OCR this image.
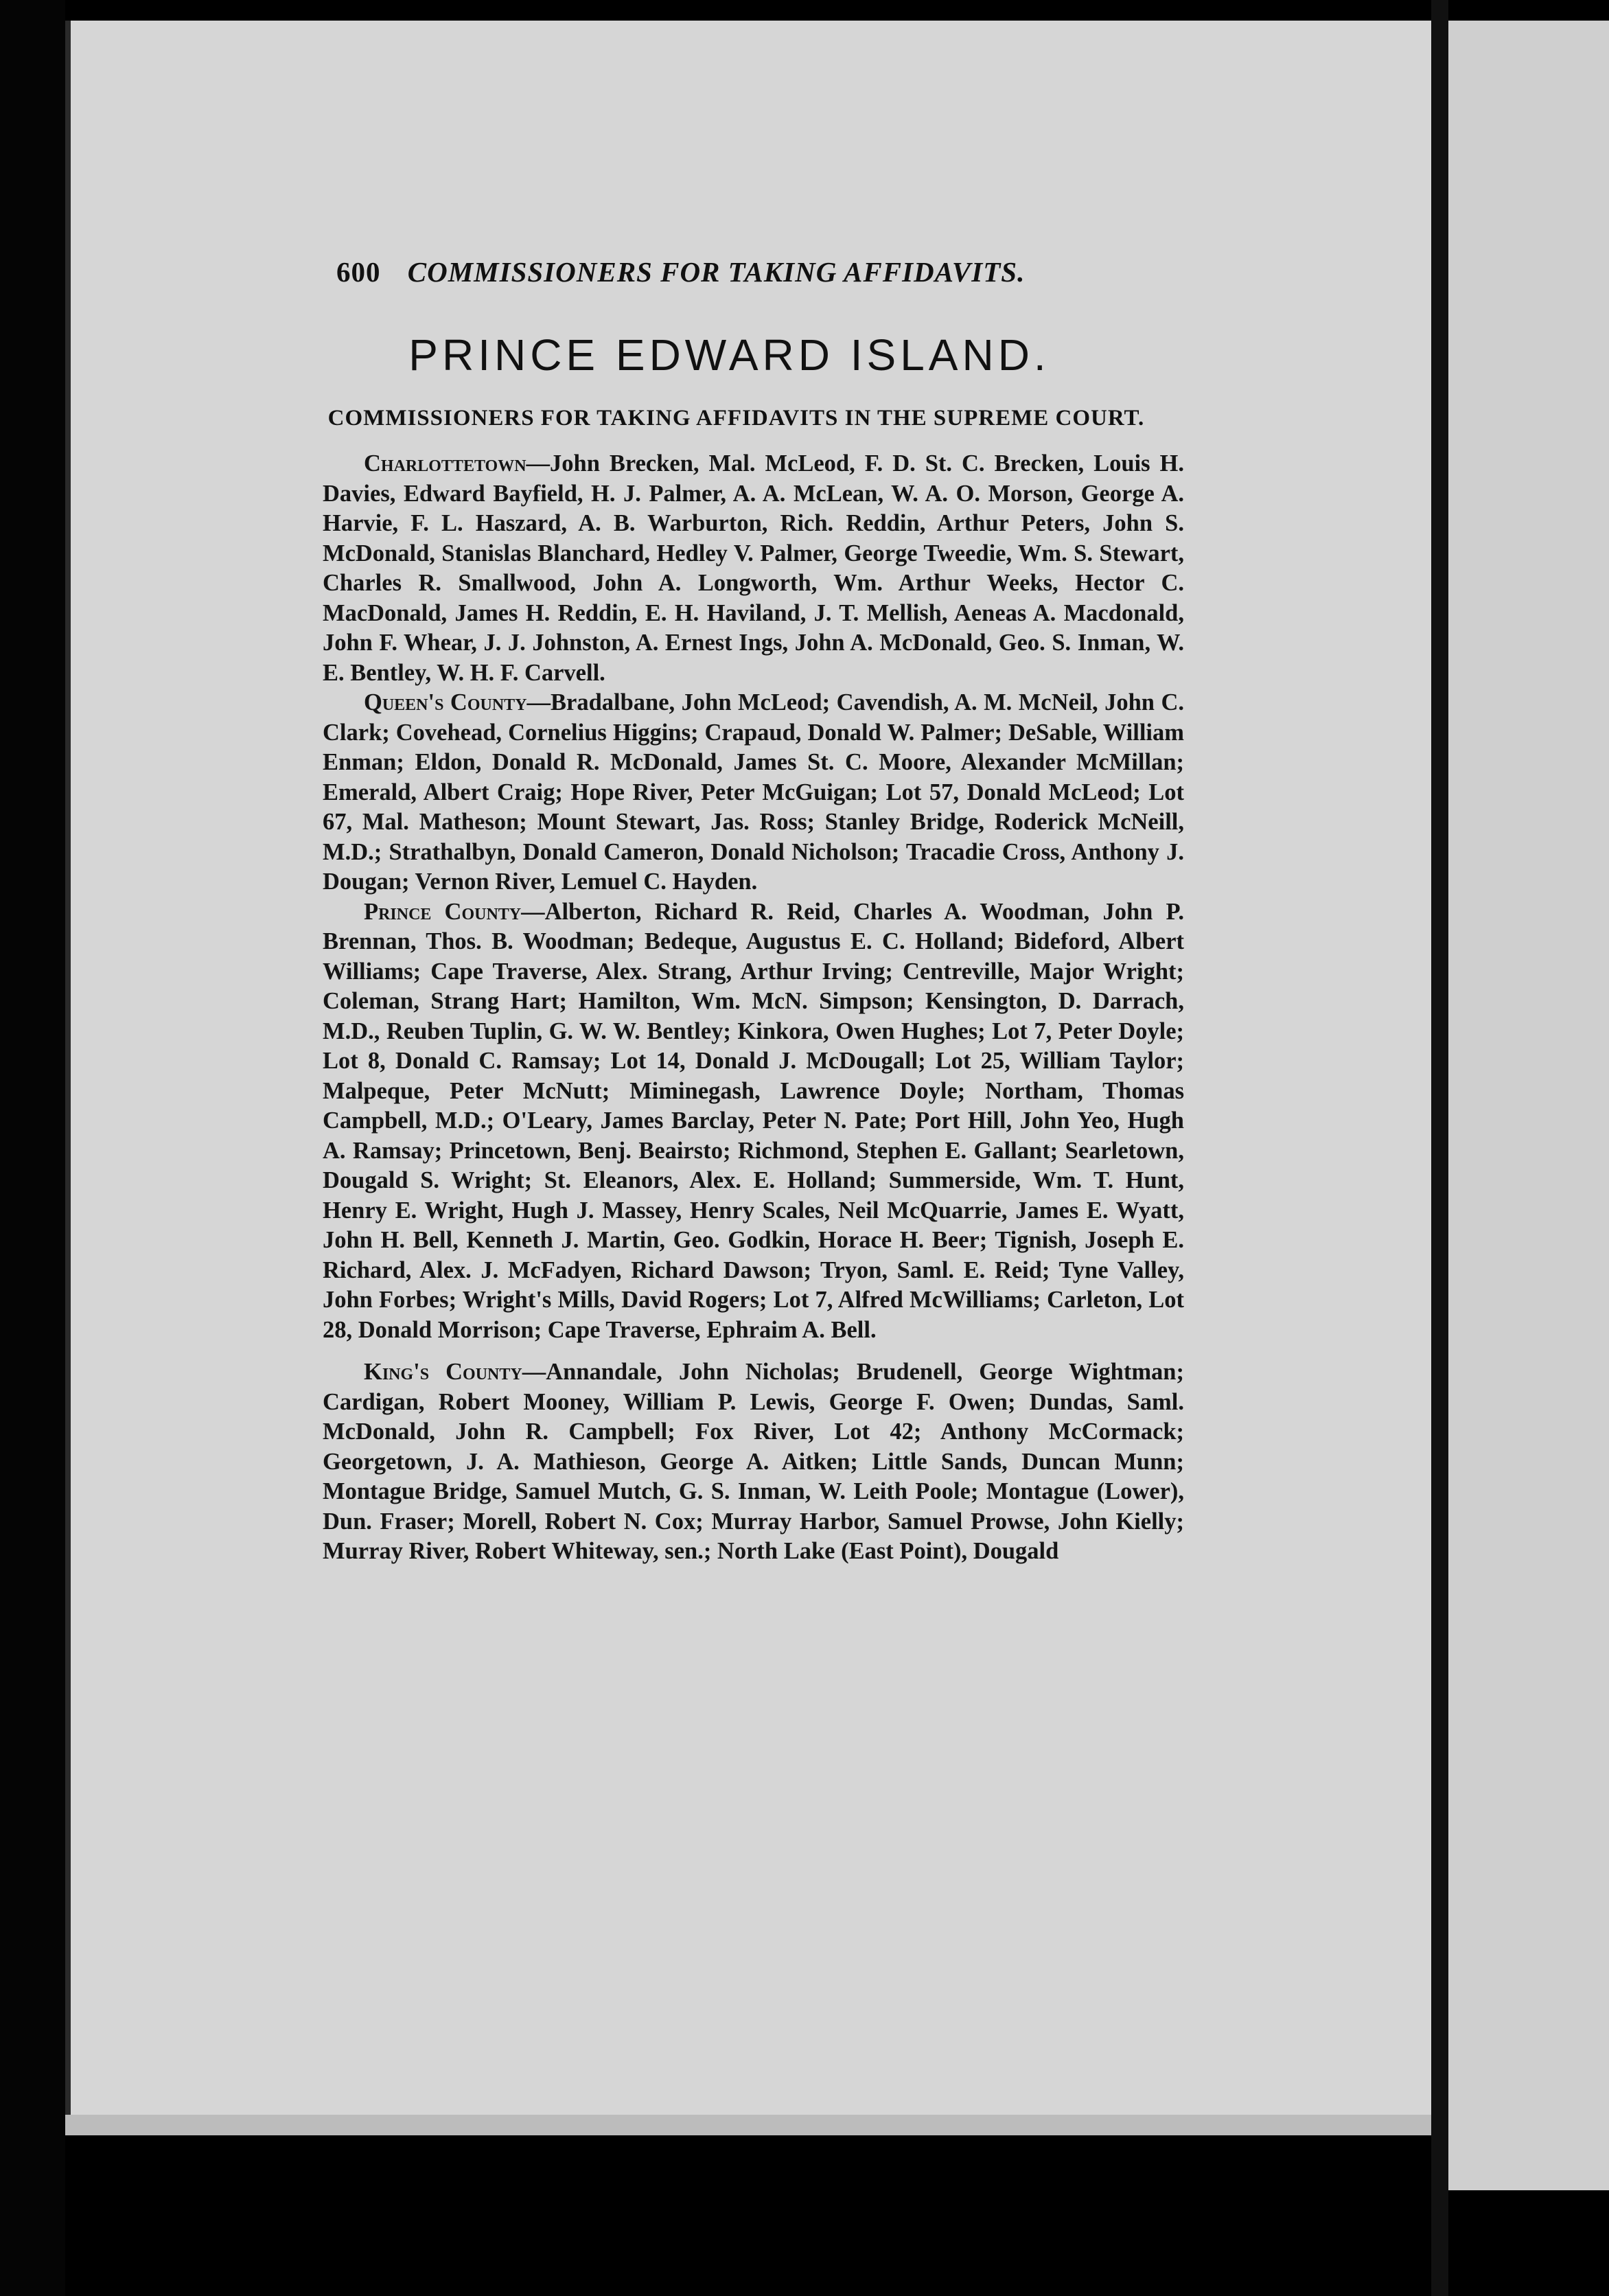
600 COMMISSIONERS FOR TAKING AFFIDAVITS.
PRINCE EDWARD ISLAND.
COMMISSIONERS FOR TAKING AFFIDAVITS IN THE SUPREME COURT.

Charlottetown—John Brecken, Mal. McLeod, F. D. St. C. Brecken, Louis H. Davies, Edward Bayfield, H. J. Palmer, A. A. McLean, W. A. O. Morson, George A. Harvie, F. L. Haszard, A. B. Warburton, Rich. Reddin, Arthur Peters, John S. McDonald, Stanislas Blanchard, Hedley V. Palmer, George Tweedie, Wm. S. Stewart, Charles R. Smallwood, John A. Longworth, Wm. Arthur Weeks, Hector C. MacDonald, James H. Reddin, E. H. Haviland, J. T. Mellish, Aeneas A. Macdonald, John F. Whear, J. J. Johnston, A. Ernest Ings, John A. McDonald, Geo. S. Inman, W. E. Bentley, W. H. F. Carvell.

Queen's County—Bradalbane, John McLeod; Cavendish, A. M. McNeil, John C. Clark; Covehead, Cornelius Higgins; Crapaud, Donald W. Palmer; DeSable, William Enman; Eldon, Donald R. McDonald, James St. C. Moore, Alexander McMillan; Emerald, Albert Craig; Hope River, Peter McGuigan; Lot 57, Donald McLeod; Lot 67, Mal. Matheson; Mount Stewart, Jas. Ross; Stanley Bridge, Roderick McNeill, M.D.; Strathalbyn, Donald Cameron, Donald Nicholson; Tracadie Cross, Anthony J. Dougan; Vernon River, Lemuel C. Hayden.

Prince County—Alberton, Richard R. Reid, Charles A. Woodman, John P. Brennan, Thos. B. Woodman; Bedeque, Augustus E. C. Holland; Bideford, Albert Williams; Cape Traverse, Alex. Strang, Arthur Irving; Centreville, Major Wright; Coleman, Strang Hart; Hamilton, Wm. McN. Simpson; Kensington, D. Darrach, M.D., Reuben Tuplin, G. W. W. Bentley; Kinkora, Owen Hughes; Lot 7, Peter Doyle; Lot 8, Donald C. Ramsay; Lot 14, Donald J. McDougall; Lot 25, William Taylor; Malpeque, Peter McNutt; Miminegash, Lawrence Doyle; Northam, Thomas Campbell, M.D.; O'Leary, James Barclay, Peter N. Pate; Port Hill, John Yeo, Hugh A. Ramsay; Princetown, Benj. Beairsto; Richmond, Stephen E. Gallant; Searletown, Dougald S. Wright; St. Eleanors, Alex. E. Holland; Summerside, Wm. T. Hunt, Henry E. Wright, Hugh J. Massey, Henry Scales, Neil McQuarrie, James E. Wyatt, John H. Bell, Kenneth J. Martin, Geo. Godkin, Horace H. Beer; Tignish, Joseph E. Richard, Alex. J. McFadyen, Richard Dawson; Tryon, Saml. E. Reid; Tyne Valley, John Forbes; Wright's Mills, David Rogers; Lot 7, Alfred McWilliams; Carleton, Lot 28, Donald Morrison; Cape Traverse, Ephraim A. Bell.

King's County—Annandale, John Nicholas; Brudenell, George Wightman; Cardigan, Robert Mooney, William P. Lewis, George F. Owen; Dundas, Saml. McDonald, John R. Campbell; Fox River, Lot 42; Anthony McCormack; Georgetown, J. A. Mathieson, George A. Aitken; Little Sands, Duncan Munn; Montague Bridge, Samuel Mutch, G. S. Inman, W. Leith Poole; Montague (Lower), Dun. Fraser; Morell, Robert N. Cox; Murray Harbor, Samuel Prowse, John Kielly; Murray River, Robert Whiteway, sen.; North Lake (East Point), Dougald
